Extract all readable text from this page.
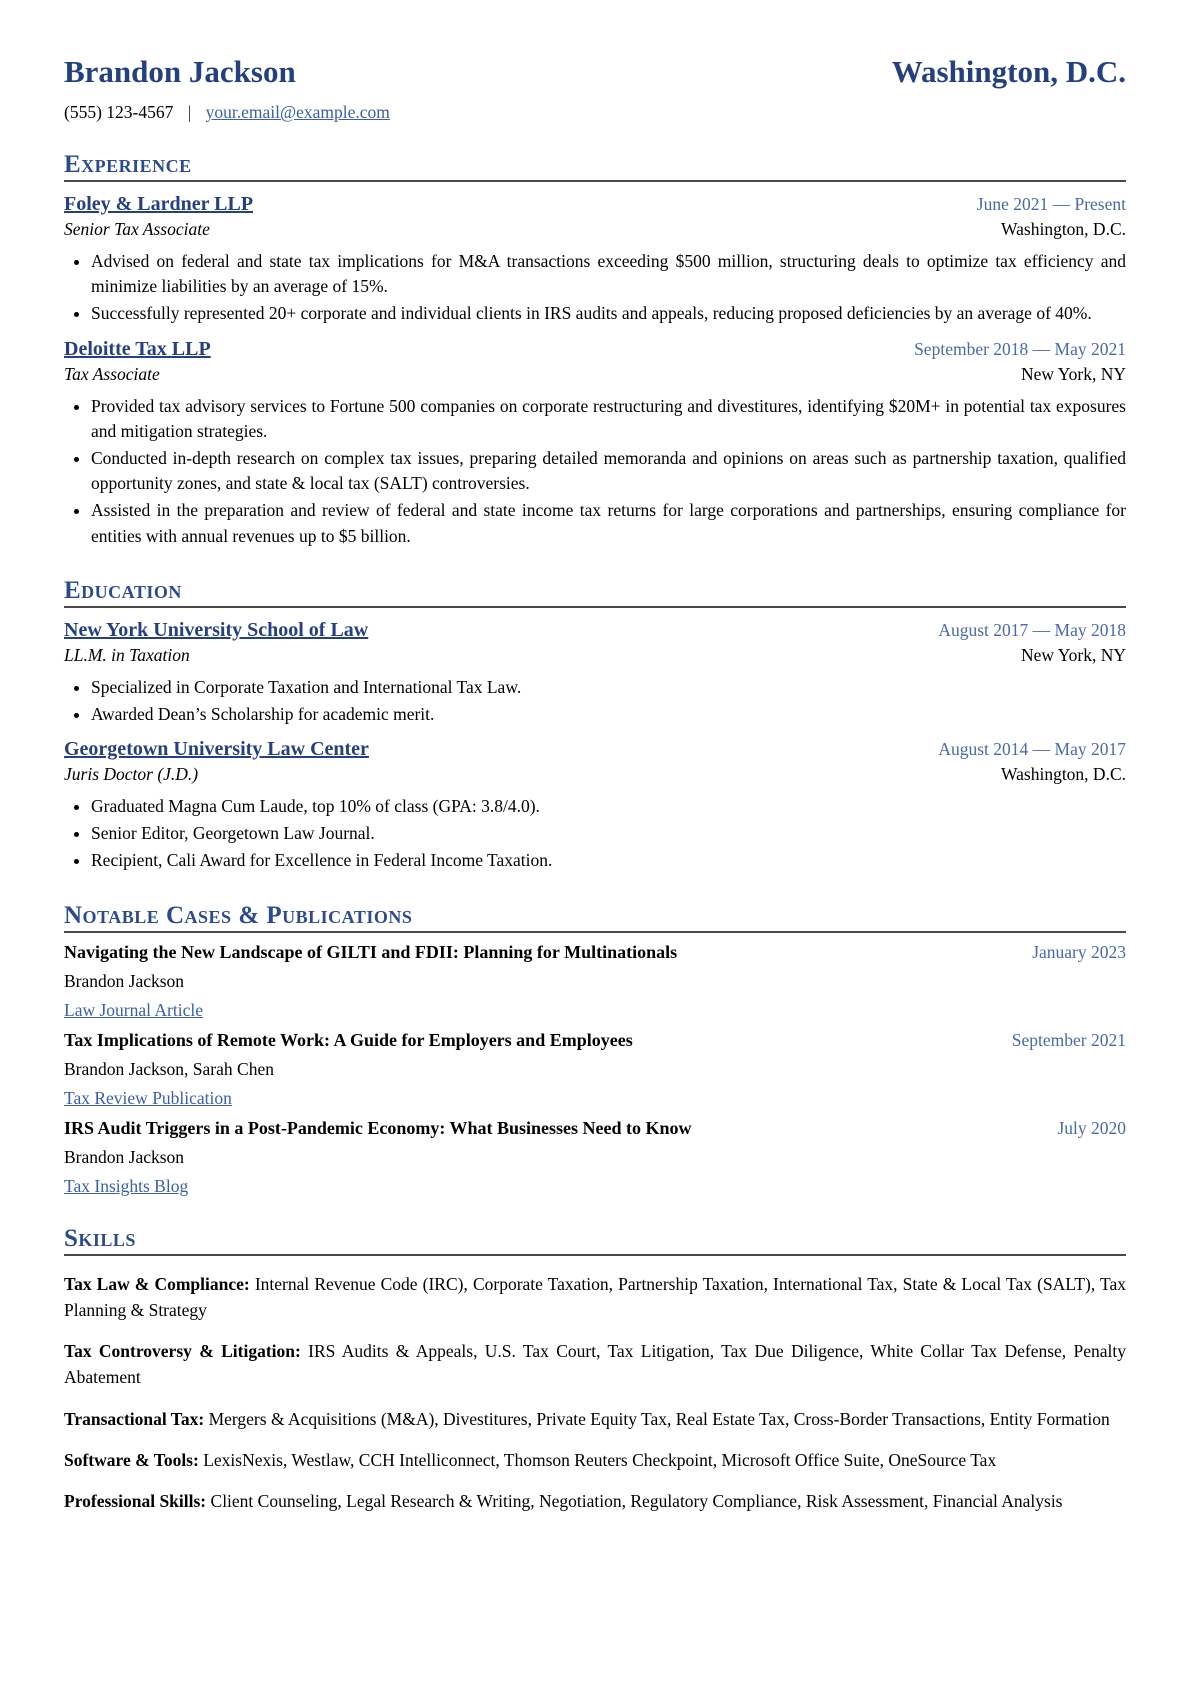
Brandon Jackson	Washington, D.C.
(555) 123-4567 | your.email@example.com
Experience
Foley & Lardner LLP	June 2021 — Present
Senior Tax Associate	Washington, D.C.
• Advised on federal and state tax implications for M&A transactions exceeding $500 million, structuring deals to optimize tax efficiency and minimize liabilities by an average of 15%.
• Successfully represented 20+ corporate and individual clients in IRS audits and appeals, reducing proposed deficiencies by an average of 40%.
Deloitte Tax LLP	September 2018 — May 2021
Tax Associate	New York, NY
• Provided tax advisory services to Fortune 500 companies on corporate restructuring and divestitures, identifying $20M+ in potential tax exposures and mitigation strategies.
• Conducted in-depth research on complex tax issues, preparing detailed memoranda and opinions on areas such as partnership taxation, qualified opportunity zones, and state & local tax (SALT) controversies.
• Assisted in the preparation and review of federal and state income tax returns for large corporations and partnerships, ensuring compliance for entities with annual revenues up to $5 billion.
Education
New York University School of Law	August 2017 — May 2018
LL.M. in Taxation	New York, NY
• Specialized in Corporate Taxation and International Tax Law.
• Awarded Dean’s Scholarship for academic merit.
Georgetown University Law Center	August 2014 — May 2017
Juris Doctor (J.D.)	Washington, D.C.
• Graduated Magna Cum Laude, top 10% of class (GPA: 3.8/4.0).
• Senior Editor, Georgetown Law Journal.
• Recipient, Cali Award for Excellence in Federal Income Taxation.
Notable Cases & Publications
Navigating the New Landscape of GILTI and FDII: Planning for Multinationals	January 2023
Brandon Jackson
Law Journal Article
Tax Implications of Remote Work: A Guide for Employers and Employees	September 2021
Brandon Jackson, Sarah Chen
Tax Review Publication
IRS Audit Triggers in a Post-Pandemic Economy: What Businesses Need to Know	July 2020
Brandon Jackson
Tax Insights Blog
Skills

Tax Law & Compliance: Internal Revenue Code (IRC), Corporate Taxation, Partnership Taxation, International Tax, State & Local Tax (SALT), Tax Planning & Strategy

Tax Controversy & Litigation: IRS Audits & Appeals, U.S. Tax Court, Tax Litigation, Tax Due Diligence, White Collar Tax Defense, Penalty Abatement

Transactional Tax: Mergers & Acquisitions (M&A), Divestitures, Private Equity Tax, Real Estate Tax, Cross-Border Transactions, Entity Formation

Software & Tools: LexisNexis, Westlaw, CCH Intelliconnect, Thomson Reuters Checkpoint, Microsoft Office Suite, OneSource Tax

Professional Skills: Client Counseling, Legal Research & Writing, Negotiation, Regulatory Compliance, Risk Assessment, Financial Analysis
